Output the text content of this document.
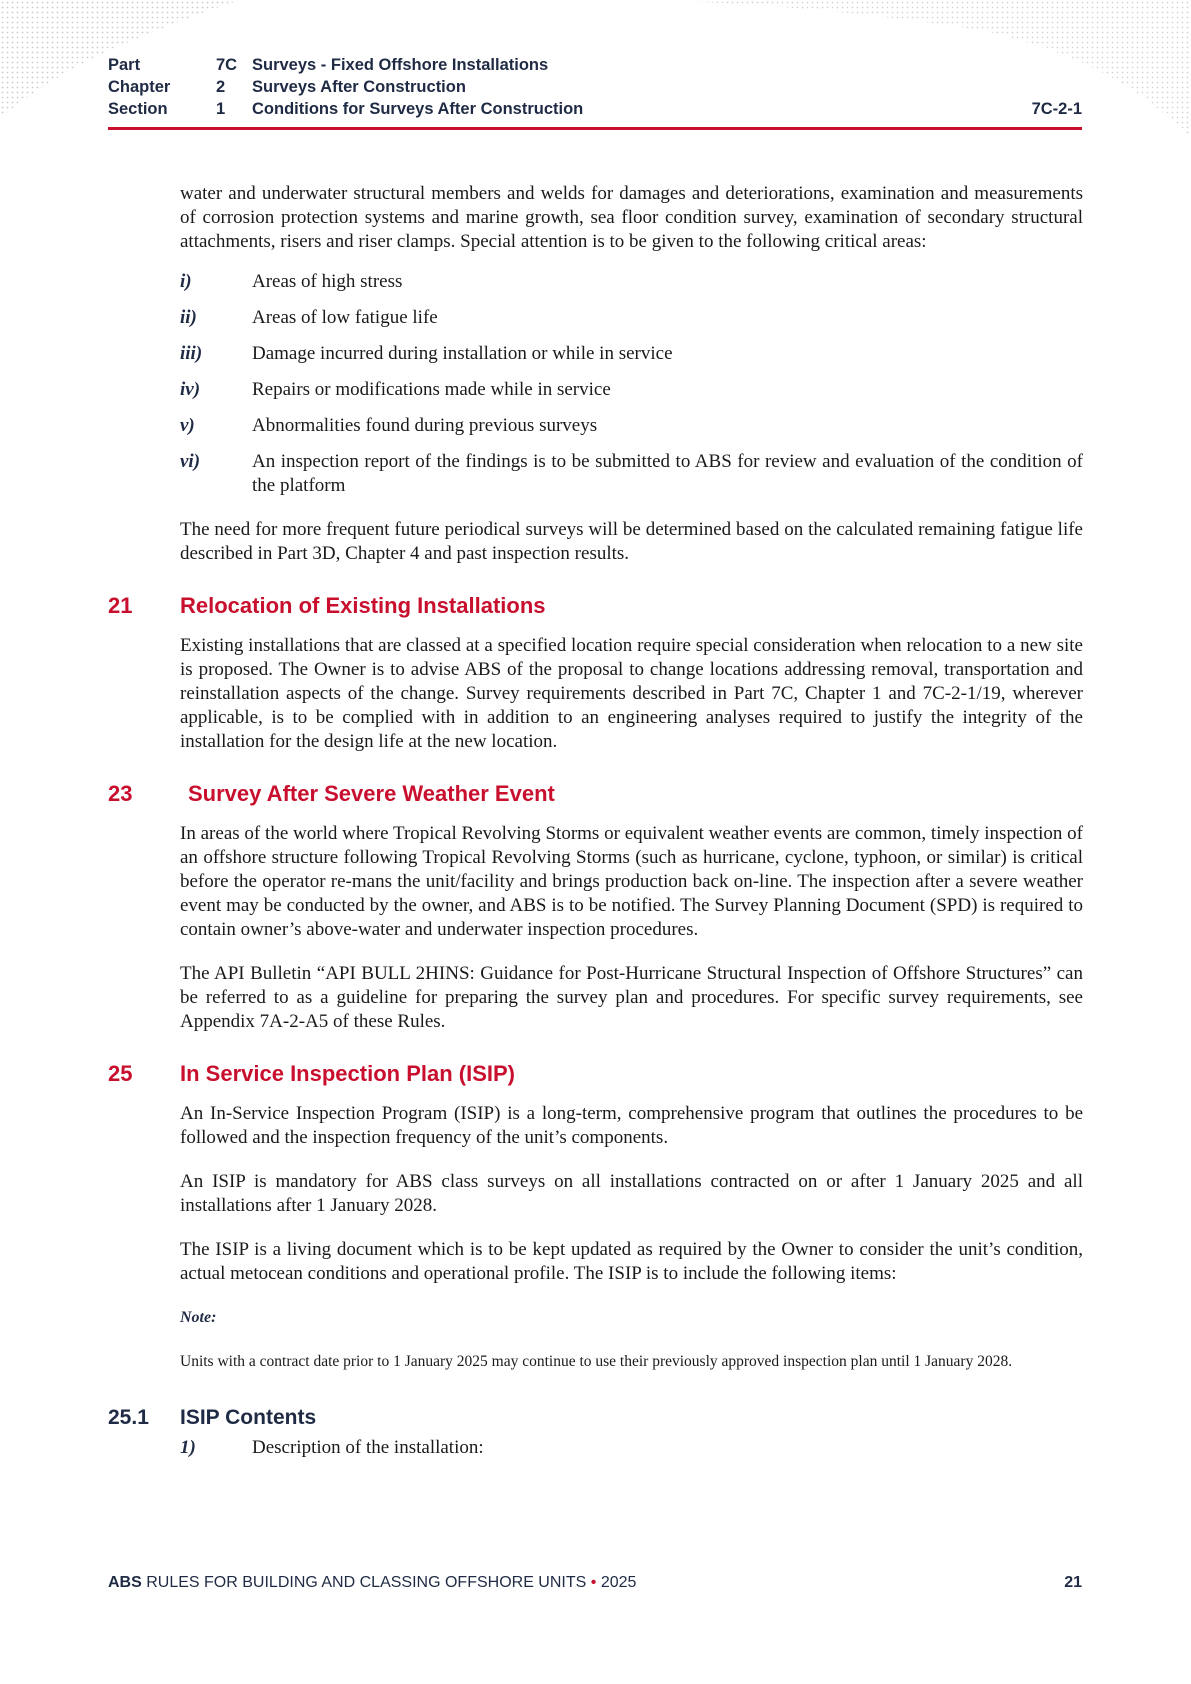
Part	7C Surveys - Fixed Offshore Installations
Chapter	2 Surveys After Construction
Section	1 Conditions for Surveys After Construction	7C-2-1

water and underwater structural members and welds for damages and deteriorations, examination and measurements of corrosion protection systems and marine growth, sea floor condition survey, examination of secondary structural attachments, risers and riser clamps. Special attention is to be given to the following critical areas:

i)	Areas of high stress
ii)	Areas of low fatigue life
iii)	Damage incurred during installation or while in service
iv)	Repairs or modifications made while in service
v)	Abnormalities found during previous surveys
vi)	An inspection report of the findings is to be submitted to ABS for review and evaluation of the condition of the platform

The need for more frequent future periodical surveys will be determined based on the calculated remaining fatigue life described in Part 3D, Chapter 4 and past inspection results.

21 Relocation of Existing Installations

Existing installations that are classed at a specified location require special consideration when relocation to a new site is proposed. The Owner is to advise ABS of the proposal to change locations addressing removal, transportation and reinstallation aspects of the change. Survey requirements described in Part 7C, Chapter 1 and 7C-2-1/19, wherever applicable, is to be complied with in addition to an engineering analyses required to justify the integrity of the installation for the design life at the new location.

23	Survey After Severe Weather Event

In areas of the world where Tropical Revolving Storms or equivalent weather events are common, timely inspection of an offshore structure following Tropical Revolving Storms (such as hurricane, cyclone, typhoon, or similar) is critical before the operator re-mans the unit/facility and brings production back on-line. The inspection after a severe weather event may be conducted by the owner, and ABS is to be notified. The Survey Planning Document (SPD) is required to contain owner’s above-water and underwater inspection procedures.

The API Bulletin “API BULL 2HINS: Guidance for Post-Hurricane Structural Inspection of Offshore Structures” can be referred to as a guideline for preparing the survey plan and procedures. For specific survey requirements, see Appendix 7A-2-A5 of these Rules.

25 In Service Inspection Plan (ISIP)

An In-Service Inspection Program (ISIP) is a long-term, comprehensive program that outlines the procedures to be followed and the inspection frequency of the unit’s components.

An ISIP is mandatory for ABS class surveys on all installations contracted on or after 1 January 2025 and all installations after 1 January 2028.

The ISIP is a living document which is to be kept updated as required by the Owner to consider the unit’s condition, actual metocean conditions and operational profile. The ISIP is to include the following items:

Note:

Units with a contract date prior to 1 January 2025 may continue to use their previously approved inspection plan until 1 January 2028.

25.1 ISIP Contents
1)	Description of the installation:
ABS RULES FOR BUILDING AND CLASSING OFFSHORE UNITS • 2025	21
